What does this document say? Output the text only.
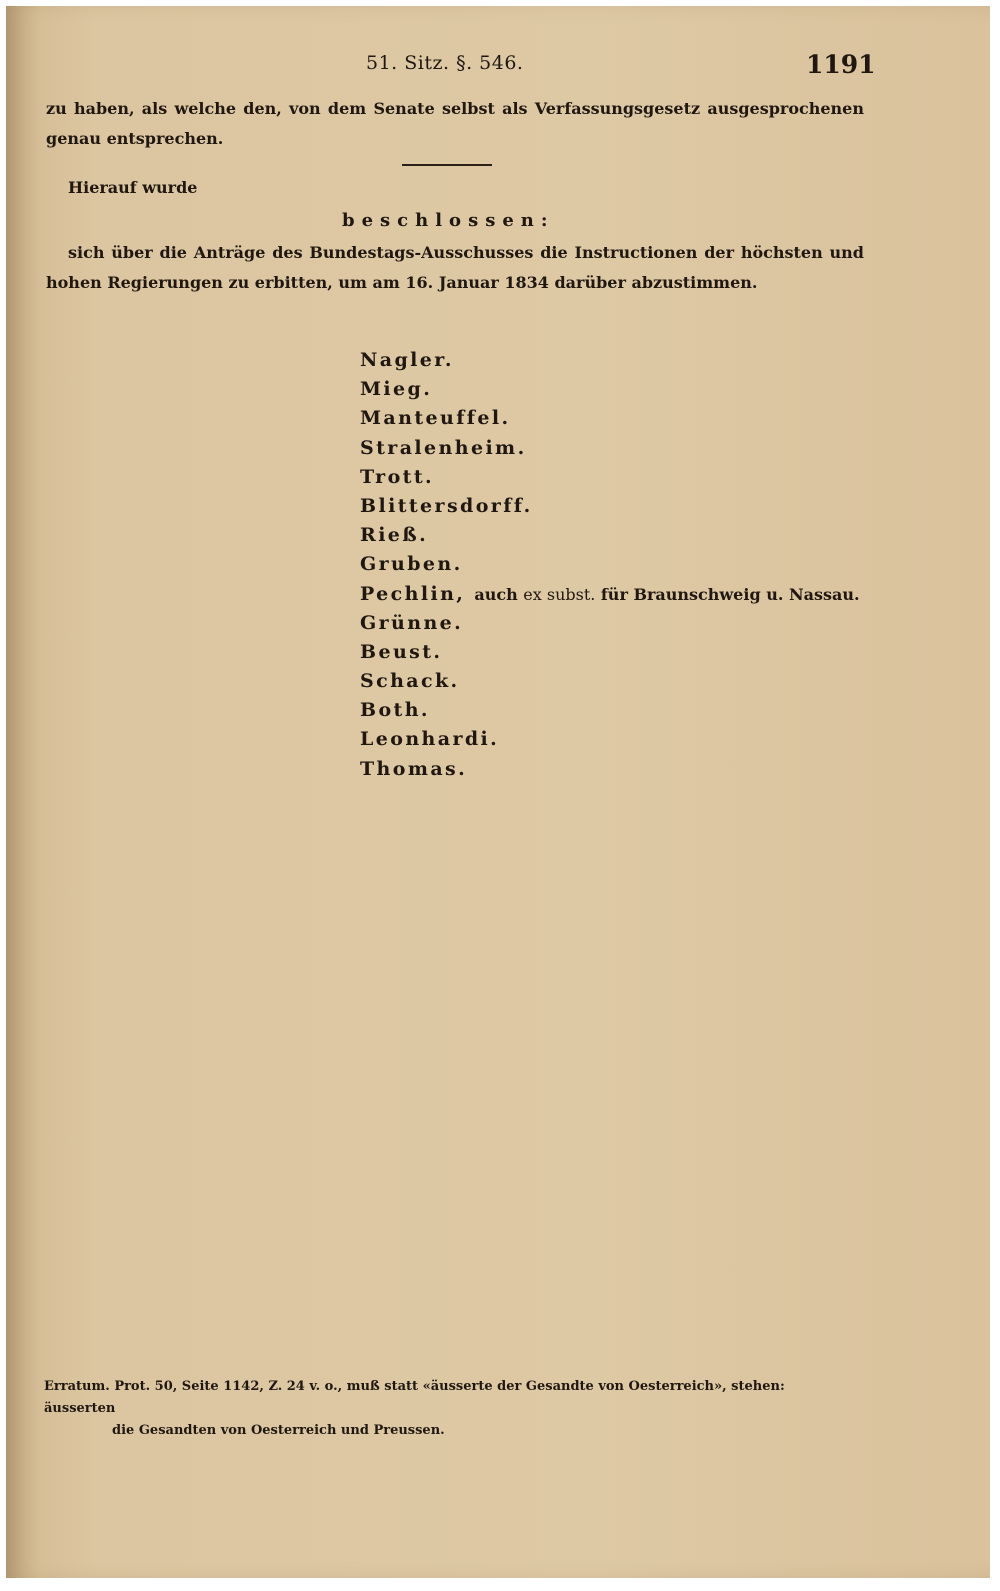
51. Sitz. §. 546.	1191

zu haben, als welche den, von dem Senate selbst als Verfassungsgesetz ausgesprochenen genau entsprechen.

Hierauf wurde

beschlossen:

sich über die Anträge des Bundestags-Ausschusses die Instructionen der höchsten und hohen Regierungen zu erbitten, um am 16. Januar 1834 darüber abzustimmen.

Nagler.
Mieg.
Manteuffel.
Stralenheim.
Trott.
Blittersdorff.
Rieß.
Gruben.
Pechlin, auch ex subst. für Braunschweig u. Nassau.
Grünne.
Beust.
Schack.
Both.
Leonhardi.
Thomas.

Erratum. Prot. 50, Seite 1142, Z. 24 v. o., muß statt «äusserte der Gesandte von Oesterreich», stehen: äusserten
die Gesandten von Oesterreich und Preussen.
